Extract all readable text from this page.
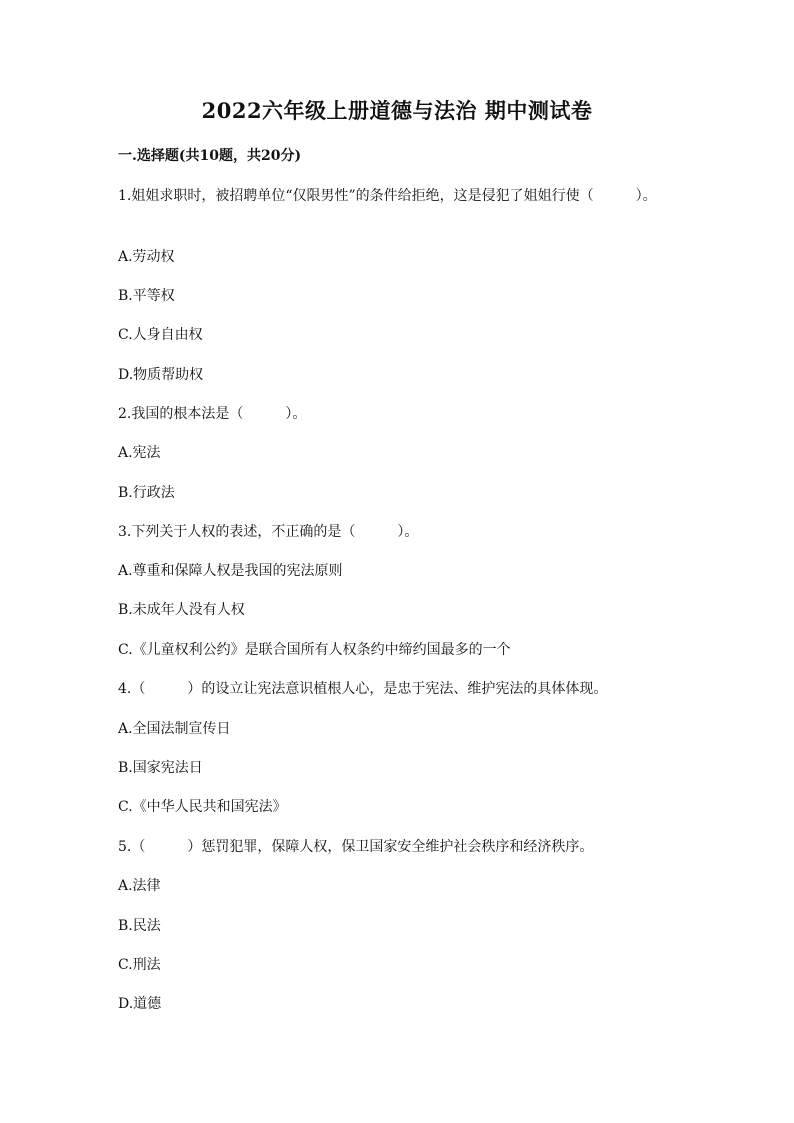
2022六年级上册道德与法治 期中测试卷
一.选择题(共10题，共20分)
1.姐姐求职时，被招聘单位“仅限男性”的条件给拒绝，这是侵犯了姐姐行使（　　　）。
A.劳动权
B.平等权
C.人身自由权
D.物质帮助权
2.我国的根本法是（　　　）。
A.宪法
B.行政法
3.下列关于人权的表述，不正确的是（　　　）。
A.尊重和保障人权是我国的宪法原则
B.未成年人没有人权
C.《儿童权利公约》是联合国所有人权条约中缔约国最多的一个
4.（　　　）的设立让宪法意识植根人心，是忠于宪法、维护宪法的具体体现。
A.全国法制宣传日
B.国家宪法日
C.《中华人民共和国宪法》
5.（　　　）惩罚犯罪，保障人权，保卫国家安全维护社会秩序和经济秩序。
A.法律
B.民法
C.刑法
D.道德
